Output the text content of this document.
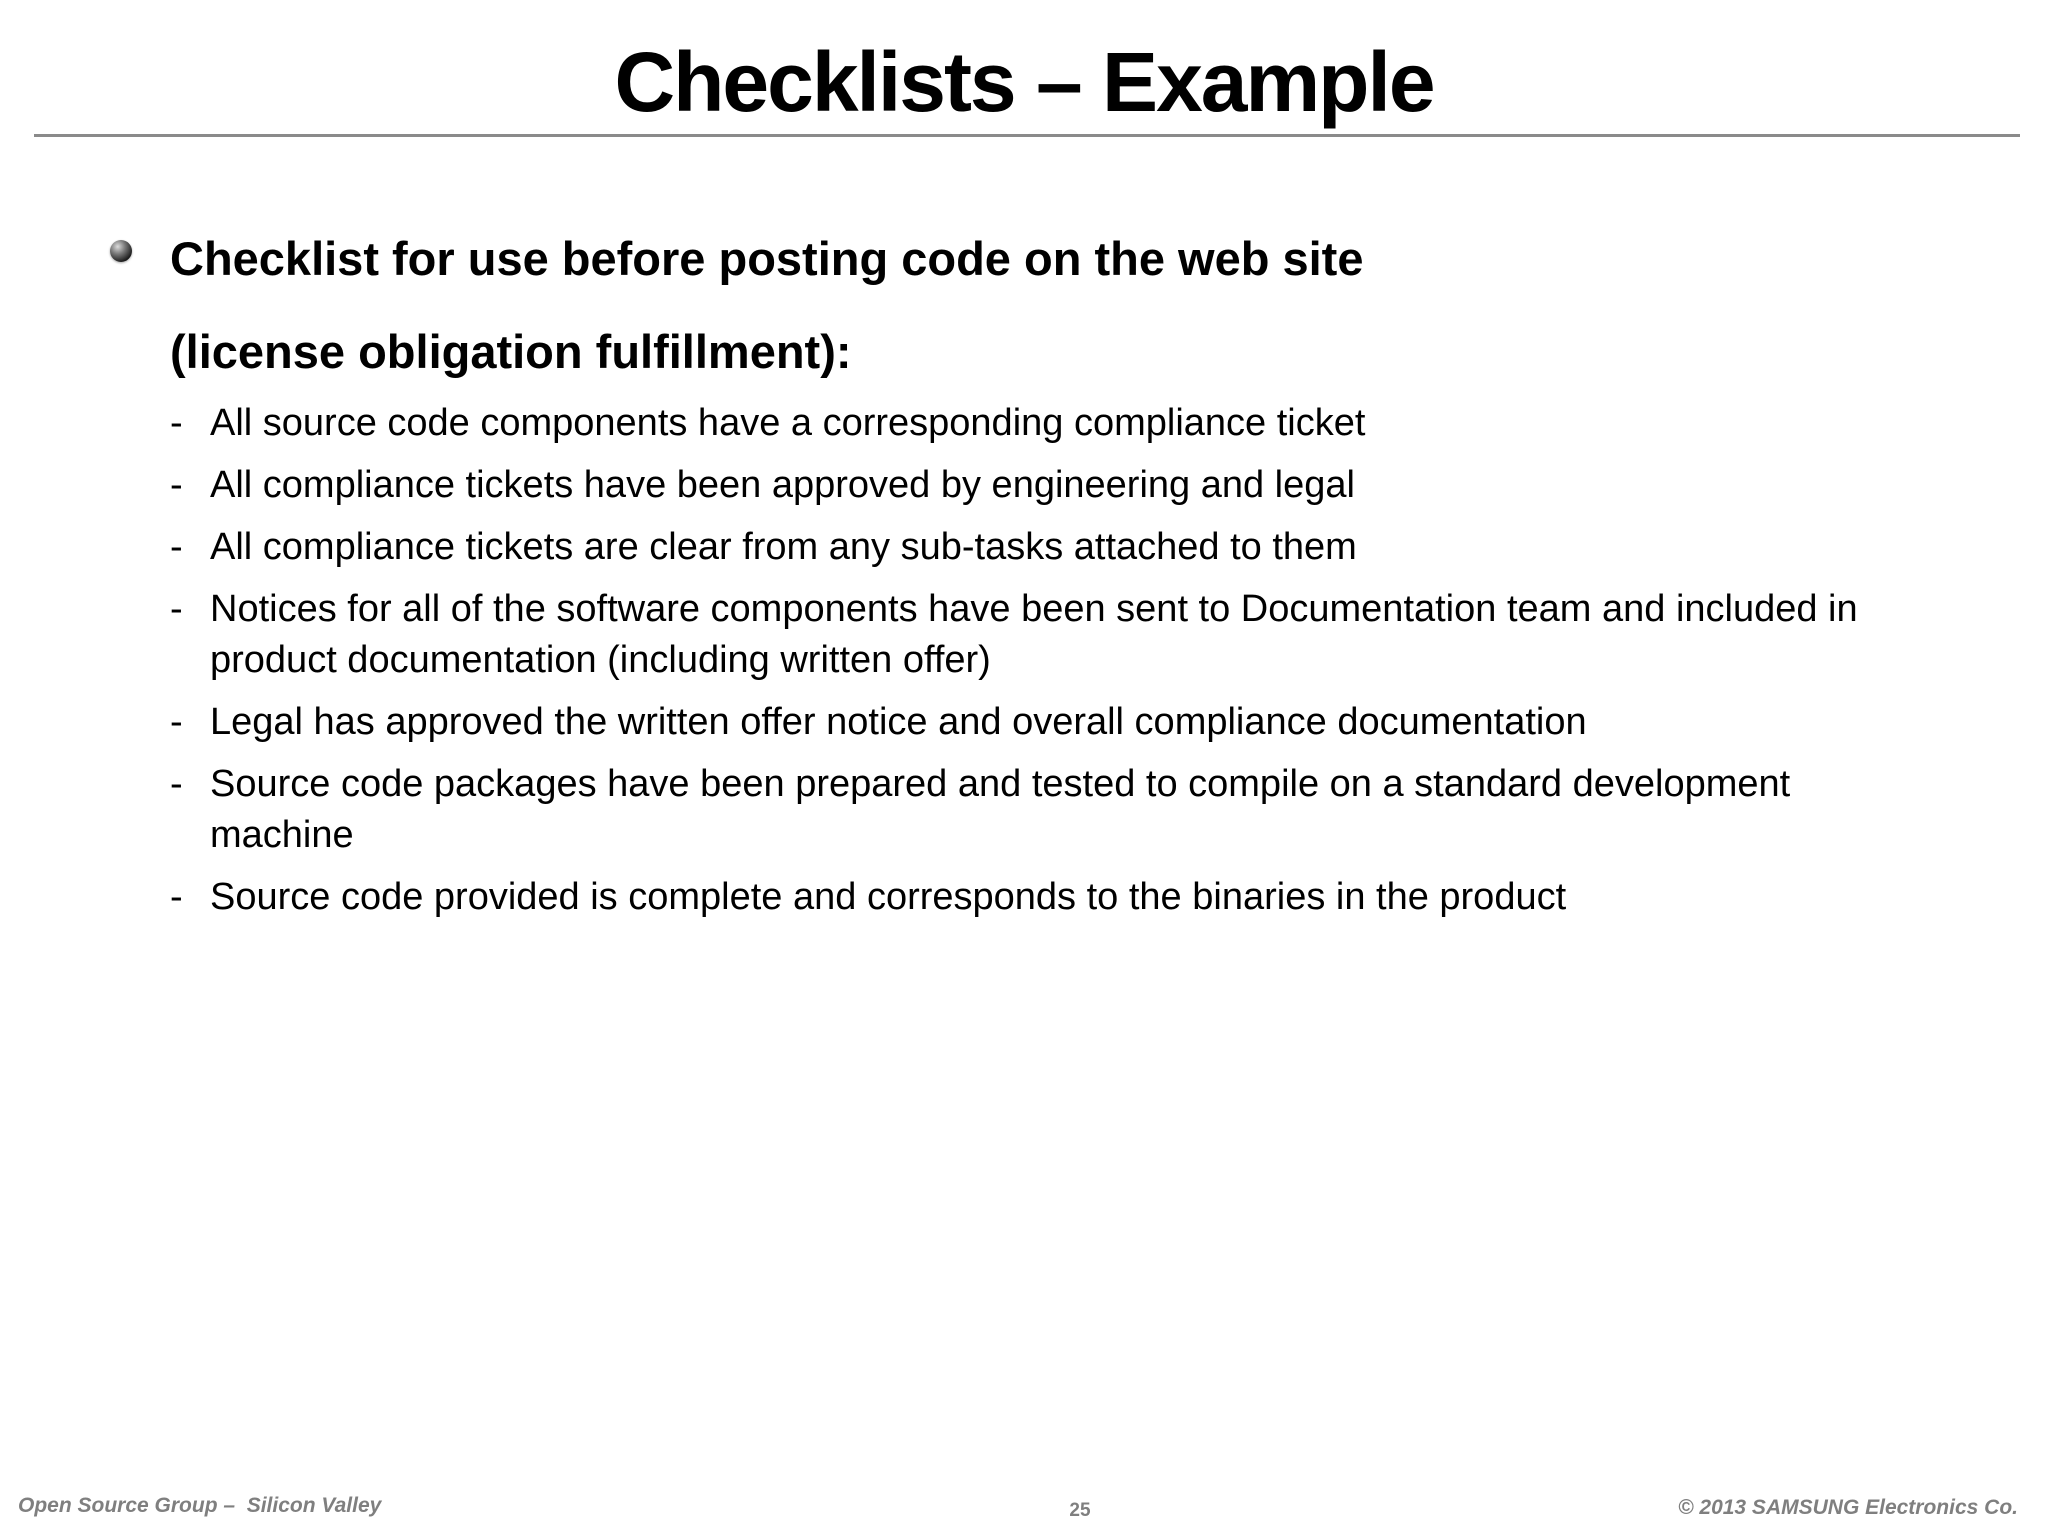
Checklists – Example
Checklist for use before posting code on the web site
(license obligation fulfillment):
- All source code components have a corresponding compliance ticket
- All compliance tickets have been approved by engineering and legal
- All compliance tickets are clear from any sub-tasks attached to them
- Notices for all of the software components have been sent to Documentation team and included in product documentation (including written offer)
- Legal has approved the written offer notice and overall compliance documentation
- Source code packages have been prepared and tested to compile on a standard development machine
- Source code provided is complete and corresponds to the binaries in the product
Open Source Group –  Silicon Valley	25	© 2013 SAMSUNG Electronics Co.
